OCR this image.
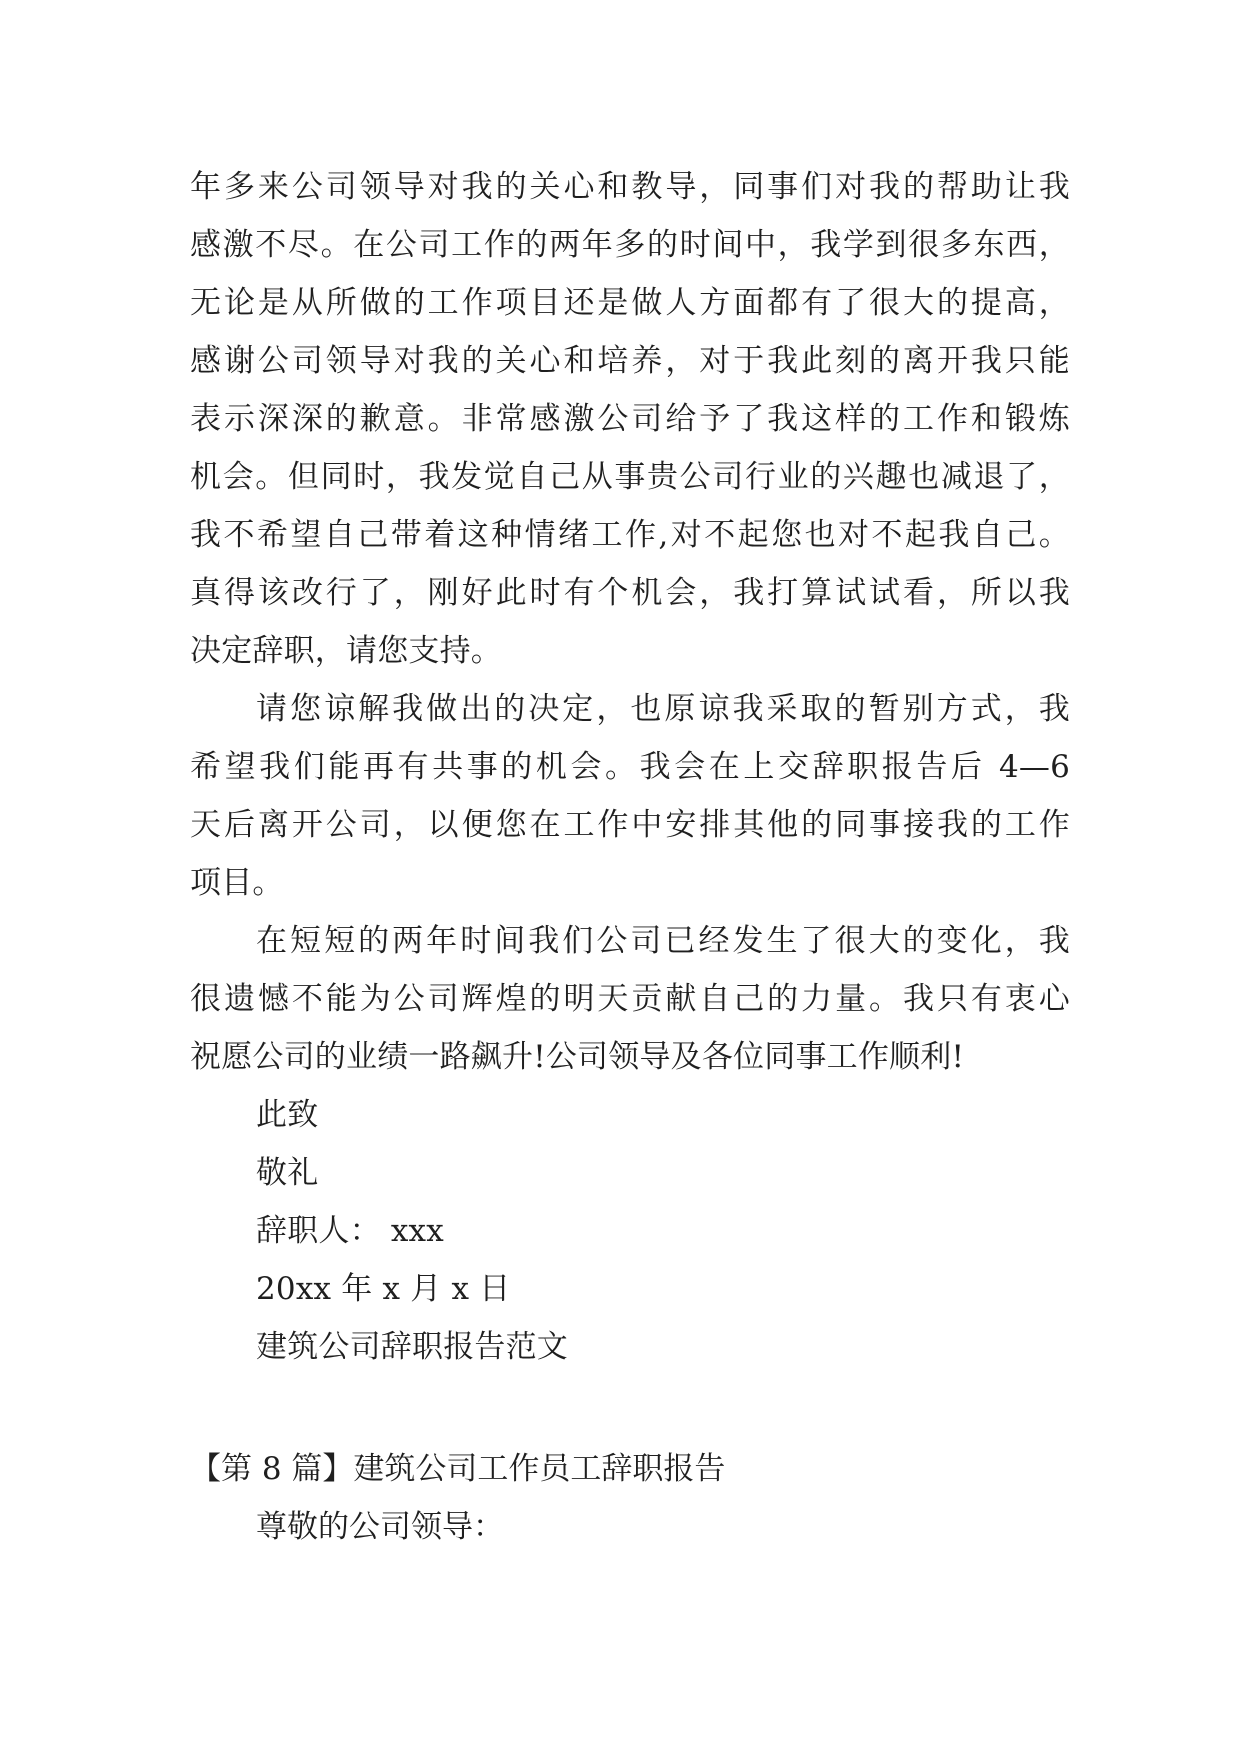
年多来公司领导对我的关心和教导，同事们对我的帮助让我
感激不尽。在公司工作的两年多的时间中，我学到很多东西，
无论是从所做的工作项目还是做人方面都有了很大的提高，
感谢公司领导对我的关心和培养，对于我此刻的离开我只能
表示深深的歉意。非常感激公司给予了我这样的工作和锻炼
机会。但同时，我发觉自己从事贵公司行业的兴趣也减退了，
我不希望自己带着这种情绪工作,对不起您也对不起我自己。
真得该改行了，刚好此时有个机会，我打算试试看，所以我
决定辞职，请您支持。
请您谅解我做出的决定，也原谅我采取的暂别方式，我
希望我们能再有共事的机会。我会在上交辞职报告后 4—6
天后离开公司，以便您在工作中安排其他的同事接我的工作
项目。
在短短的两年时间我们公司已经发生了很大的变化，我
很遗憾不能为公司辉煌的明天贡献自己的力量。我只有衷心
祝愿公司的业绩一路飙升!公司领导及各位同事工作顺利!
此致
敬礼
辞职人： xxx
20xx 年 x 月 x 日
建筑公司辞职报告范文
【第 8 篇】建筑公司工作员工辞职报告
尊敬的公司领导：
